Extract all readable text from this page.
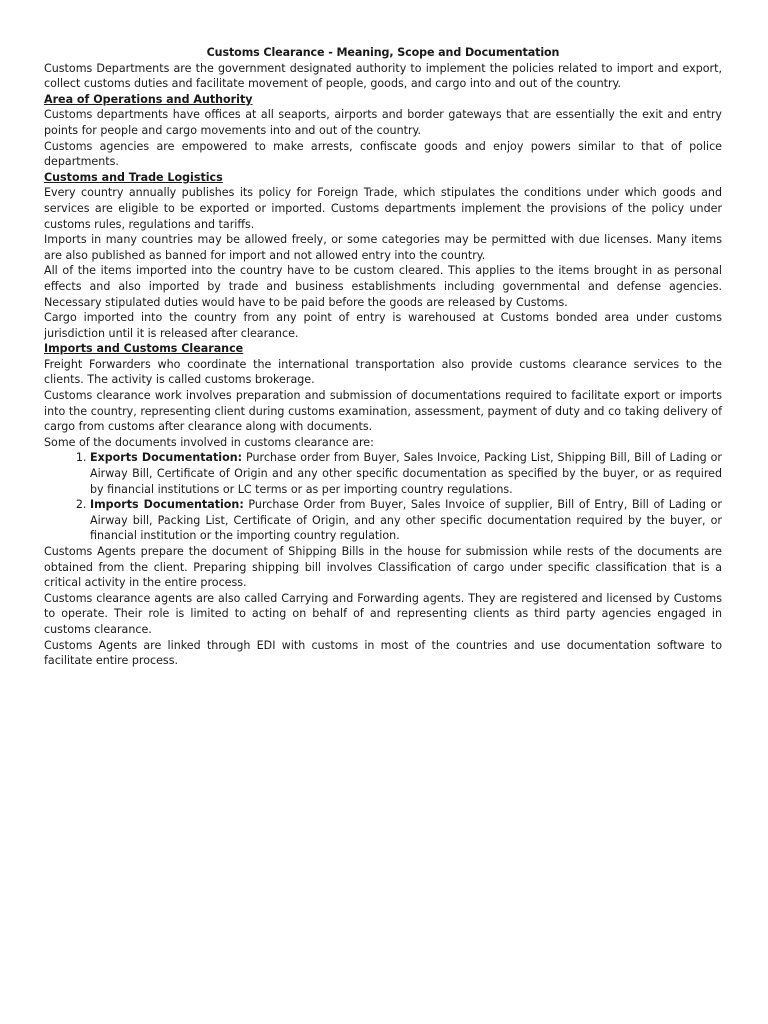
Customs Clearance - Meaning, Scope and Documentation

Customs Departments are the government designated authority to implement the policies related to import and export, collect customs duties and facilitate movement of people, goods, and cargo into and out of the country.

Area of Operations and Authority

Customs departments have offices at all seaports, airports and border gateways that are essentially the exit and entry points for people and cargo movements into and out of the country.

Customs agencies are empowered to make arrests, confiscate goods and enjoy powers similar to that of police departments.

Customs and Trade Logistics

Every country annually publishes its policy for Foreign Trade, which stipulates the conditions under which goods and services are eligible to be exported or imported. Customs departments implement the provisions of the policy under customs rules, regulations and tariffs.

Imports in many countries may be allowed freely, or some categories may be permitted with due licenses. Many items are also published as banned for import and not allowed entry into the country.

All of the items imported into the country have to be custom cleared. This applies to the items brought in as personal effects and also imported by trade and business establishments including governmental and defense agencies. Necessary stipulated duties would have to be paid before the goods are released by Customs.

Cargo imported into the country from any point of entry is warehoused at Customs bonded area under customs jurisdiction until it is released after clearance.

Imports and Customs Clearance

Freight Forwarders who coordinate the international transportation also provide customs clearance services to the clients. The activity is called customs brokerage.

Customs clearance work involves preparation and submission of documentations required to facilitate export or imports into the country, representing client during customs examination, assessment, payment of duty and co taking delivery of cargo from customs after clearance along with documents.

Some of the documents involved in customs clearance are:

1. Exports Documentation: Purchase order from Buyer, Sales Invoice, Packing List, Shipping Bill, Bill of Lading or Airway Bill, Certificate of Origin and any other specific documentation as specified by the buyer, or as required by financial institutions or LC terms or as per importing country regulations.
2. Imports Documentation: Purchase Order from Buyer, Sales Invoice of supplier, Bill of Entry, Bill of Lading or Airway bill, Packing List, Certificate of Origin, and any other specific documentation required by the buyer, or financial institution or the importing country regulation.

Customs Agents prepare the document of Shipping Bills in the house for submission while rests of the documents are obtained from the client. Preparing shipping bill involves Classification of cargo under specific classification that is a critical activity in the entire process.

Customs clearance agents are also called Carrying and Forwarding agents. They are registered and licensed by Customs to operate. Their role is limited to acting on behalf of and representing clients as third party agencies engaged in customs clearance.

Customs Agents are linked through EDI with customs in most of the countries and use documentation software to facilitate entire process.
